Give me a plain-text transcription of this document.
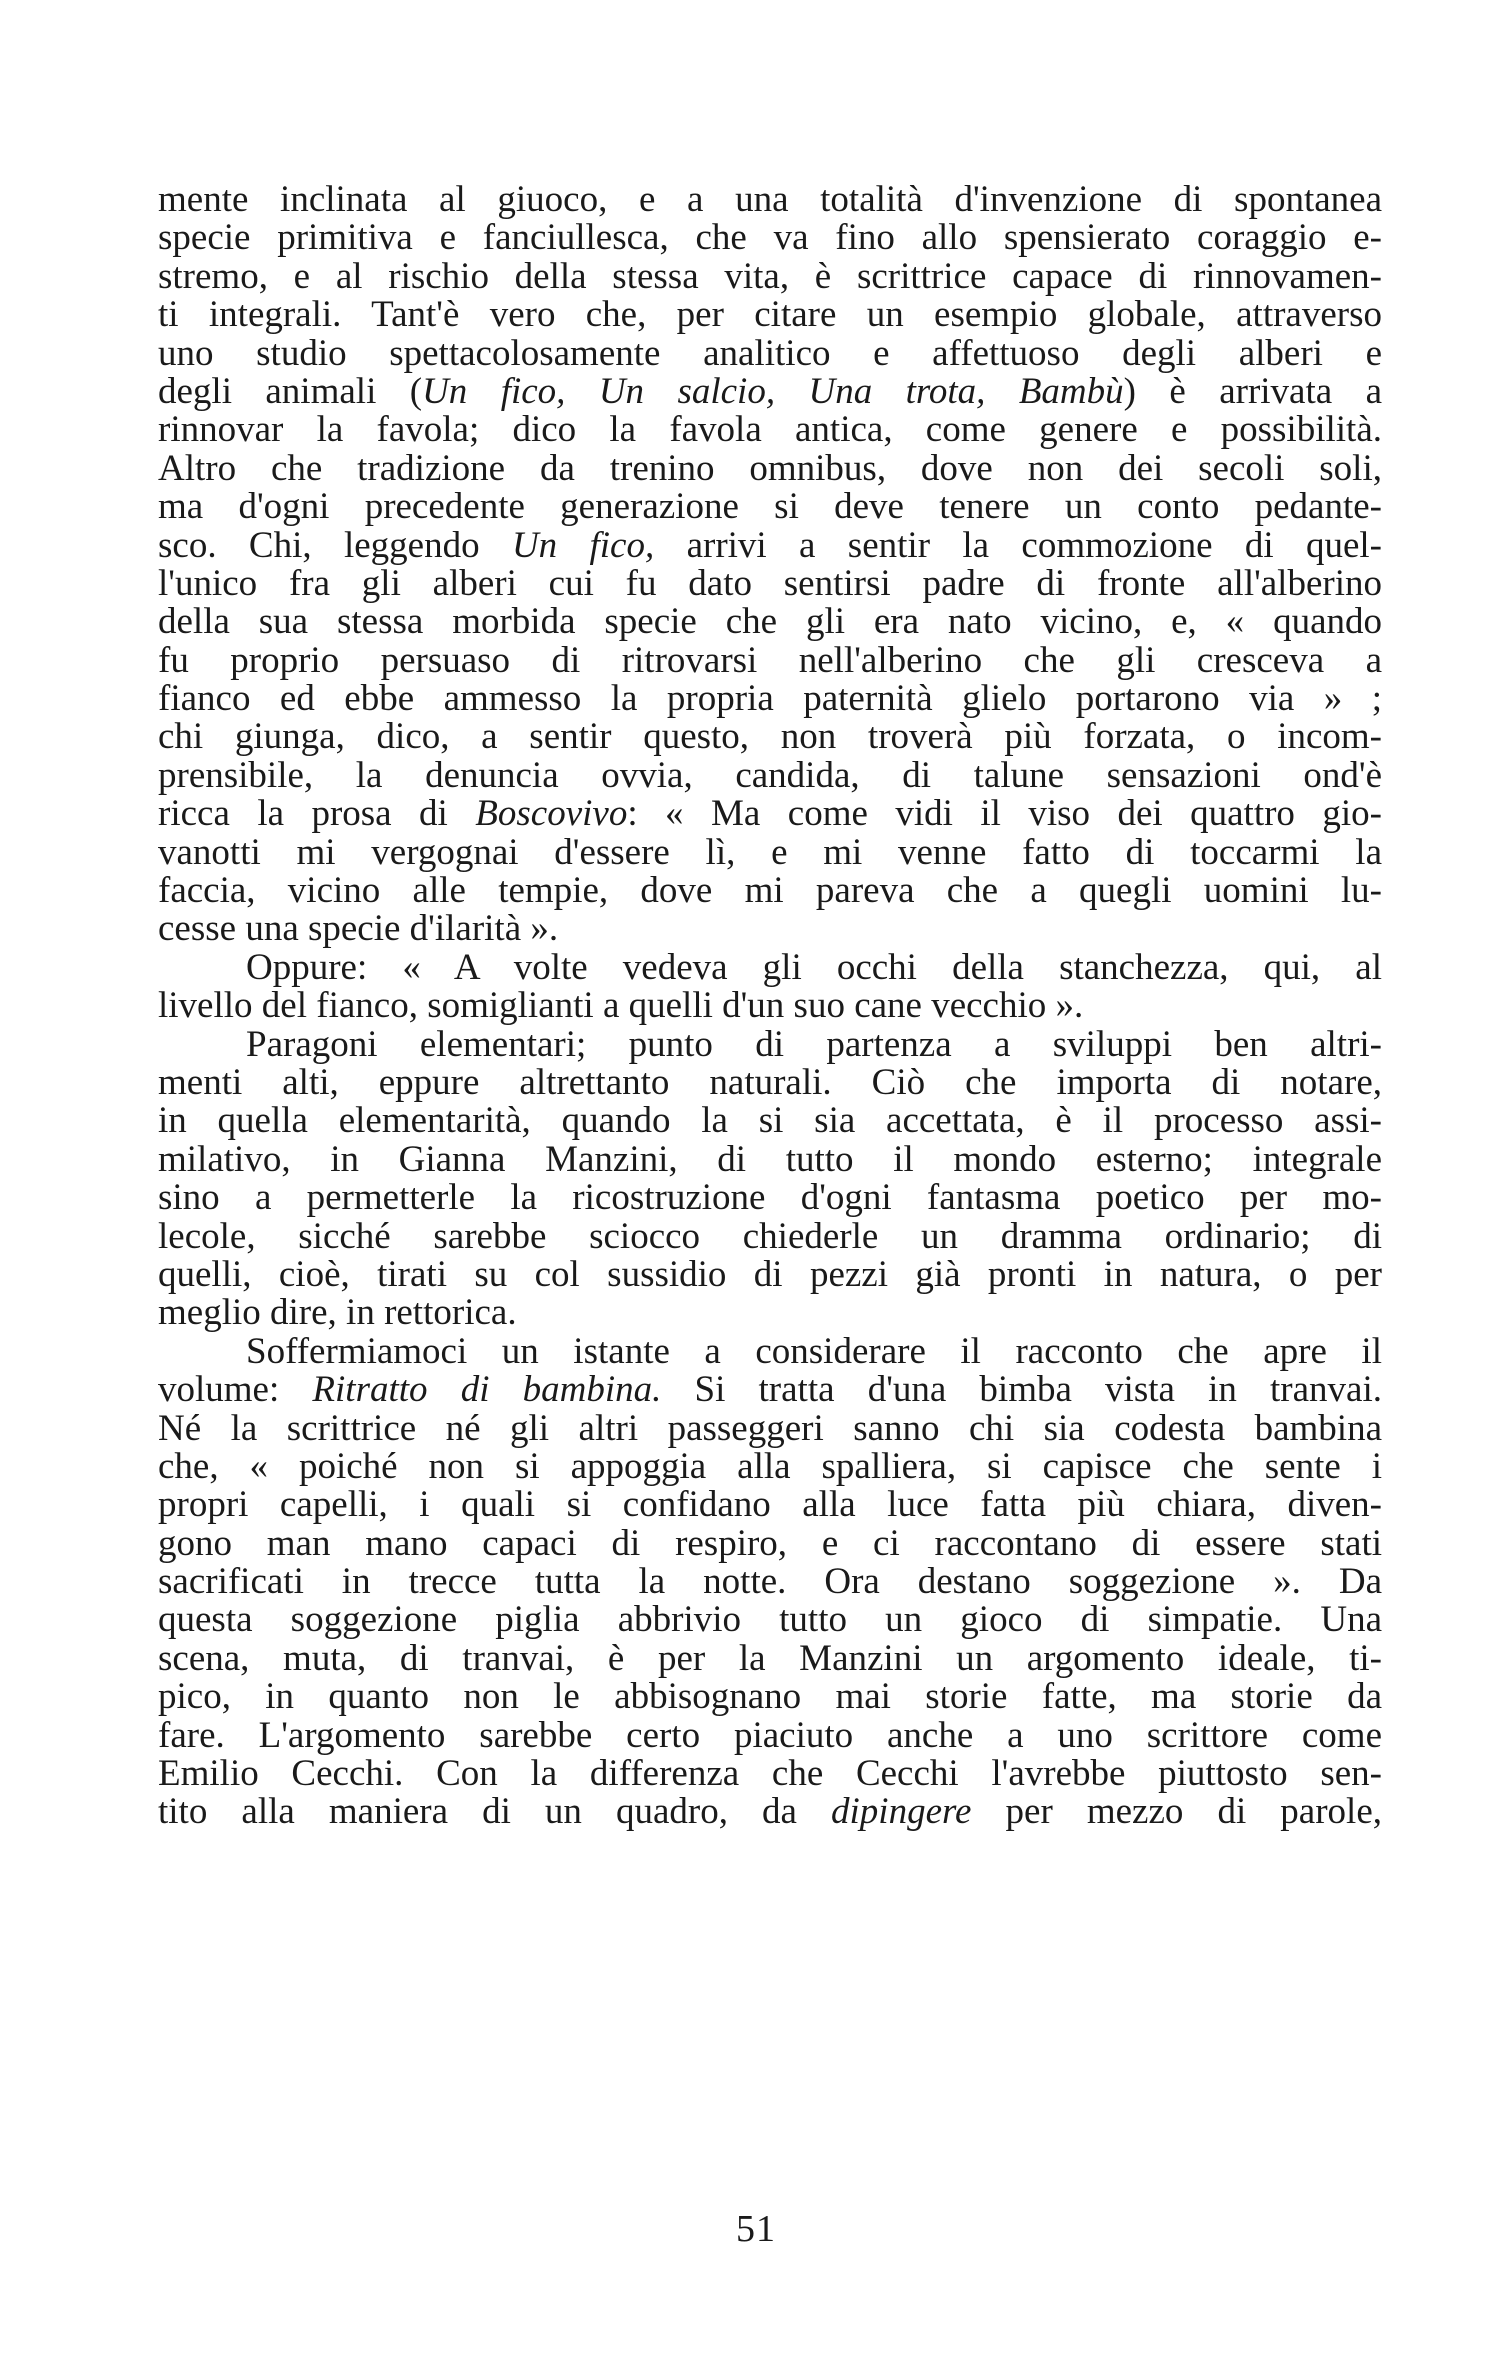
mente inclinata al giuoco, e a una totalità d'invenzione di spontanea
specie primitiva e fanciullesca, che va fino allo spensierato coraggio e-
stremo, e al rischio della stessa vita, è scrittrice capace di rinnovamen-
ti integrali. Tant'è vero che, per citare un esempio globale, attraverso
uno studio spettacolosamente analitico e affettuoso degli alberi e
degli animali (Un fico, Un salcio, Una trota, Bambù) è arrivata a
rinnovar la favola; dico la favola antica, come genere e possibilità.
Altro che tradizione da trenino omnibus, dove non dei secoli soli,
ma d'ogni precedente generazione si deve tenere un conto pedante-
sco. Chi, leggendo Un fico, arrivi a sentir la commozione di quel-
l'unico fra gli alberi cui fu dato sentirsi padre di fronte all'alberino
della sua stessa morbida specie che gli era nato vicino, e, « quando
fu proprio persuaso di ritrovarsi nell'alberino che gli cresceva a
fianco ed ebbe ammesso la propria paternità glielo portarono via » ;
chi giunga, dico, a sentir questo, non troverà più forzata, o incom-
prensibile, la denuncia ovvia, candida, di talune sensazioni ond'è
ricca la prosa di Boscovivo: « Ma come vidi il viso dei quattro gio-
vanotti mi vergognai d'essere lì, e mi venne fatto di toccarmi la
faccia, vicino alle tempie, dove mi pareva che a quegli uomini lu-
cesse una specie d'ilarità ».
Oppure: « A volte vedeva gli occhi della stanchezza, qui, al
livello del fianco, somiglianti a quelli d'un suo cane vecchio ».
Paragoni elementari; punto di partenza a sviluppi ben altri-
menti alti, eppure altrettanto naturali. Ciò che importa di notare,
in quella elementarità, quando la si sia accettata, è il processo assi-
milativo, in Gianna Manzini, di tutto il mondo esterno; integrale
sino a permetterle la ricostruzione d'ogni fantasma poetico per mo-
lecole, sicché sarebbe sciocco chiederle un dramma ordinario; di
quelli, cioè, tirati su col sussidio di pezzi già pronti in natura, o per
meglio dire, in rettorica.
Soffermiamoci un istante a considerare il racconto che apre il
volume: Ritratto di bambina. Si tratta d'una bimba vista in tranvai.
Né la scrittrice né gli altri passeggeri sanno chi sia codesta bambina
che, « poiché non si appoggia alla spalliera, si capisce che sente i
propri capelli, i quali si confidano alla luce fatta più chiara, diven-
gono man mano capaci di respiro, e ci raccontano di essere stati
sacrificati in trecce tutta la notte. Ora destano soggezione ». Da
questa soggezione piglia abbrivio tutto un gioco di simpatie. Una
scena, muta, di tranvai, è per la Manzini un argomento ideale, ti-
pico, in quanto non le abbisognano mai storie fatte, ma storie da
fare. L'argomento sarebbe certo piaciuto anche a uno scrittore come
Emilio Cecchi. Con la differenza che Cecchi l'avrebbe piuttosto sen-
tito alla maniera di un quadro, da dipingere per mezzo di parole,
51
